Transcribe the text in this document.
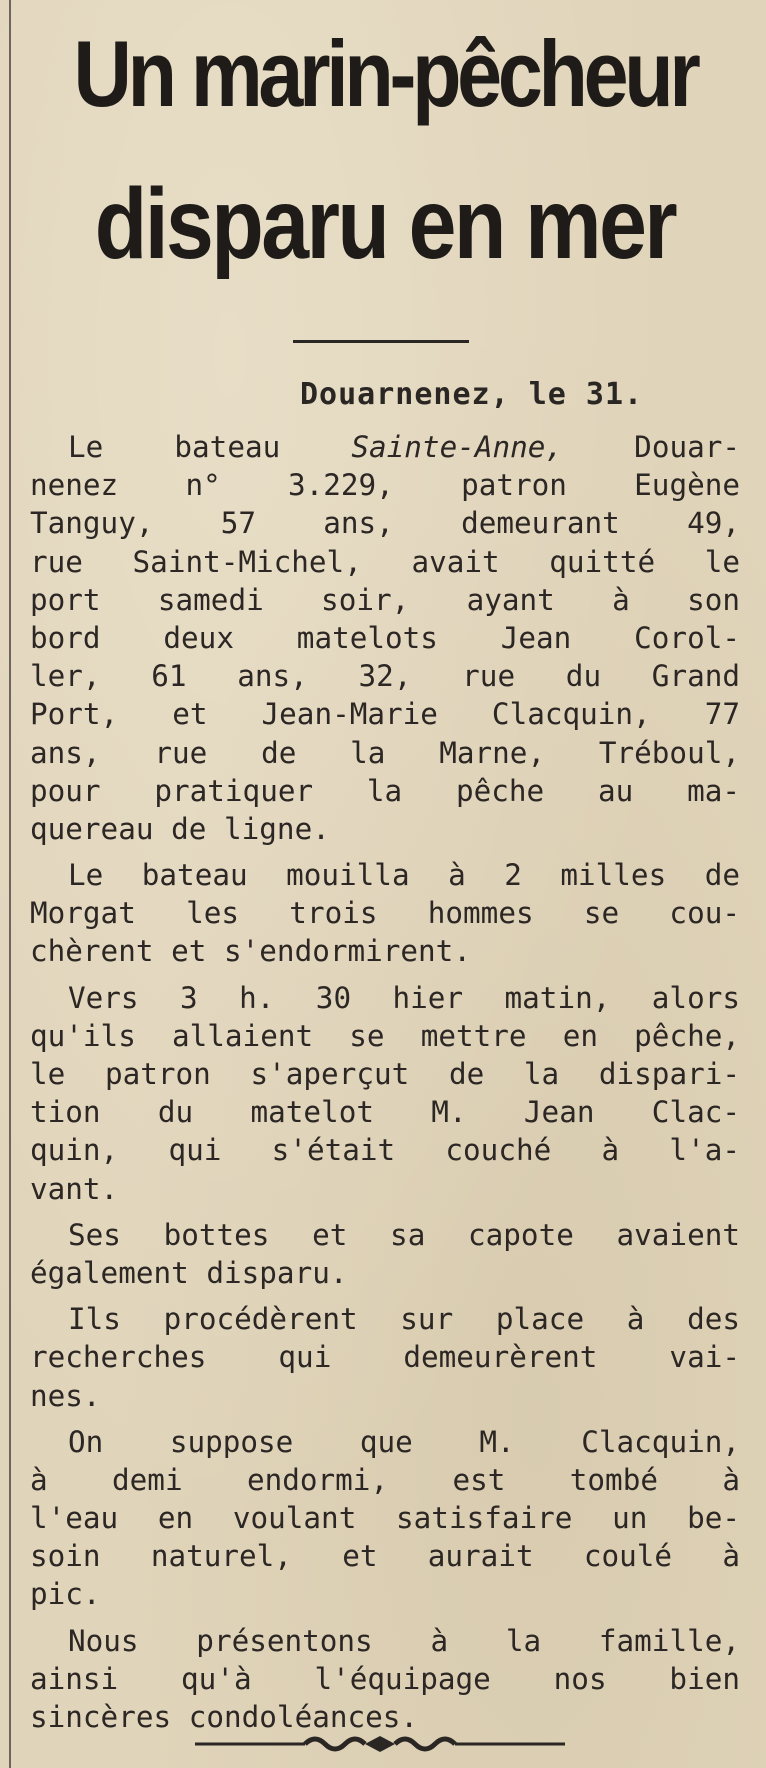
Un marin-pêcheur
disparu en mer
Douarnenez, le 31.
Le bateau Sainte-Anne, Douar-
nenez n° 3.229, patron Eugène
Tanguy, 57 ans, demeurant 49,
rue Saint-Michel, avait quitté le
port samedi soir, ayant à son
bord deux matelots Jean Corol-
ler, 61 ans, 32, rue du Grand
Port, et Jean-Marie Clacquin, 77
ans, rue de la Marne, Tréboul,
pour pratiquer la pêche au ma-
quereau de ligne.
Le bateau mouilla à 2 milles de
Morgat les trois hommes se cou-
chèrent et s'endormirent.
Vers 3 h. 30 hier matin, alors
qu'ils allaient se mettre en pêche,
le patron s'aperçut de la dispari-
tion du matelot M. Jean Clac-
quin, qui s'était couché à l'a-
vant.
Ses bottes et sa capote avaient
également disparu.
Ils procédèrent sur place à des
recherches qui demeurèrent vai-
nes.
On suppose que M. Clacquin,
à demi endormi, est tombé à
l'eau en voulant satisfaire un be-
soin naturel, et aurait coulé à
pic.
Nous présentons à la famille,
ainsi qu'à l'équipage nos bien
sincères condoléances.
